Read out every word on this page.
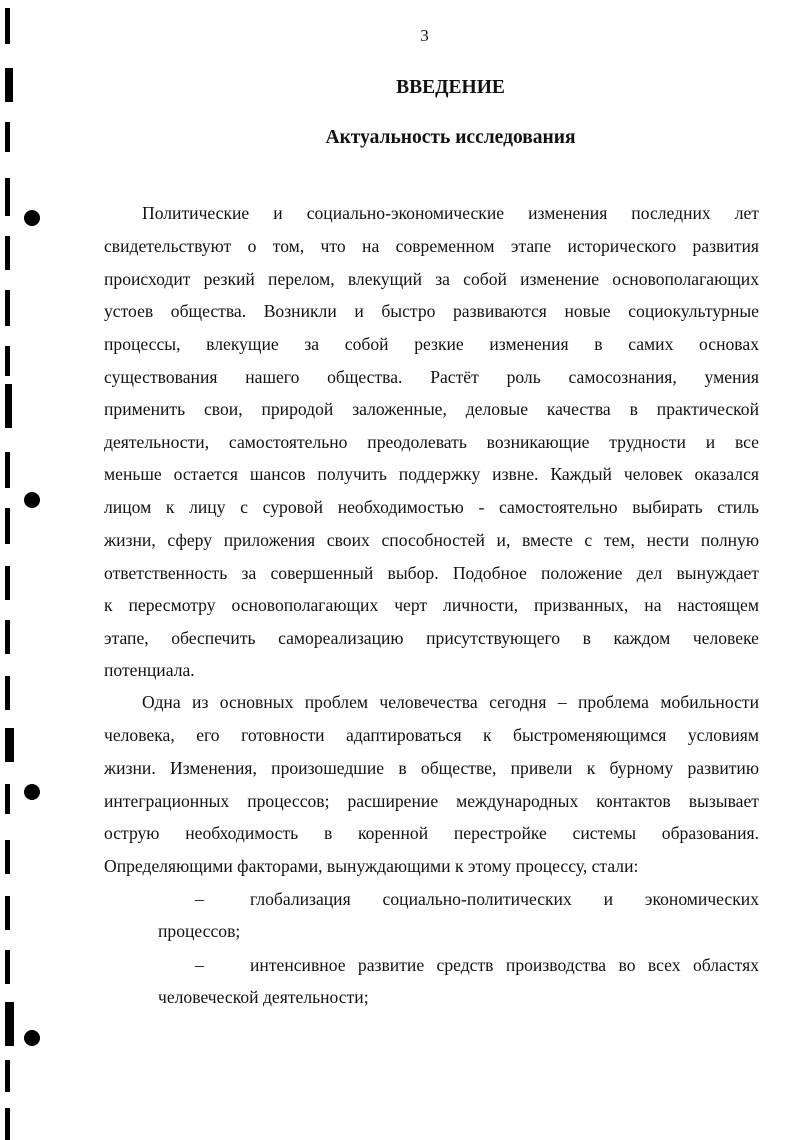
3
ВВЕДЕНИЕ
Актуальность исследования
Политические и социально-экономические изменения последних лет
свидетельствуют о том, что на современном этапе исторического развития
происходит резкий перелом, влекущий за собой изменение основополагающих
устоев общества. Возникли и быстро развиваются новые социокультурные
процессы, влекущие за собой резкие изменения в самих основах
существования нашего общества. Растёт роль самосознания, умения
применить свои, природой заложенные, деловые качества в практической
деятельности, самостоятельно преодолевать возникающие трудности и все
меньше остается шансов получить поддержку извне. Каждый человек оказался
лицом к лицу с суровой необходимостью - самостоятельно выбирать стиль
жизни, сферу приложения своих способностей и, вместе с тем, нести полную
ответственность за совершенный выбор. Подобное положение дел вынуждает
к пересмотру основополагающих черт личности, призванных, на настоящем
этапе, обеспечить самореализацию присутствующего в каждом человеке
потенциала.
Одна из основных проблем человечества сегодня – проблема мобильности
человека, его готовности адаптироваться к быстроменяющимся условиям
жизни. Изменения, произошедшие в обществе, привели к бурному развитию
интеграционных процессов; расширение международных контактов вызывает
острую необходимость в коренной перестройке системы образования.
Определяющими факторами, вынуждающими к этому процессу, стали:
–	глобализация социально-политических и экономических
процессов;
–	интенсивное развитие средств производства во всех областях
человеческой деятельности;
